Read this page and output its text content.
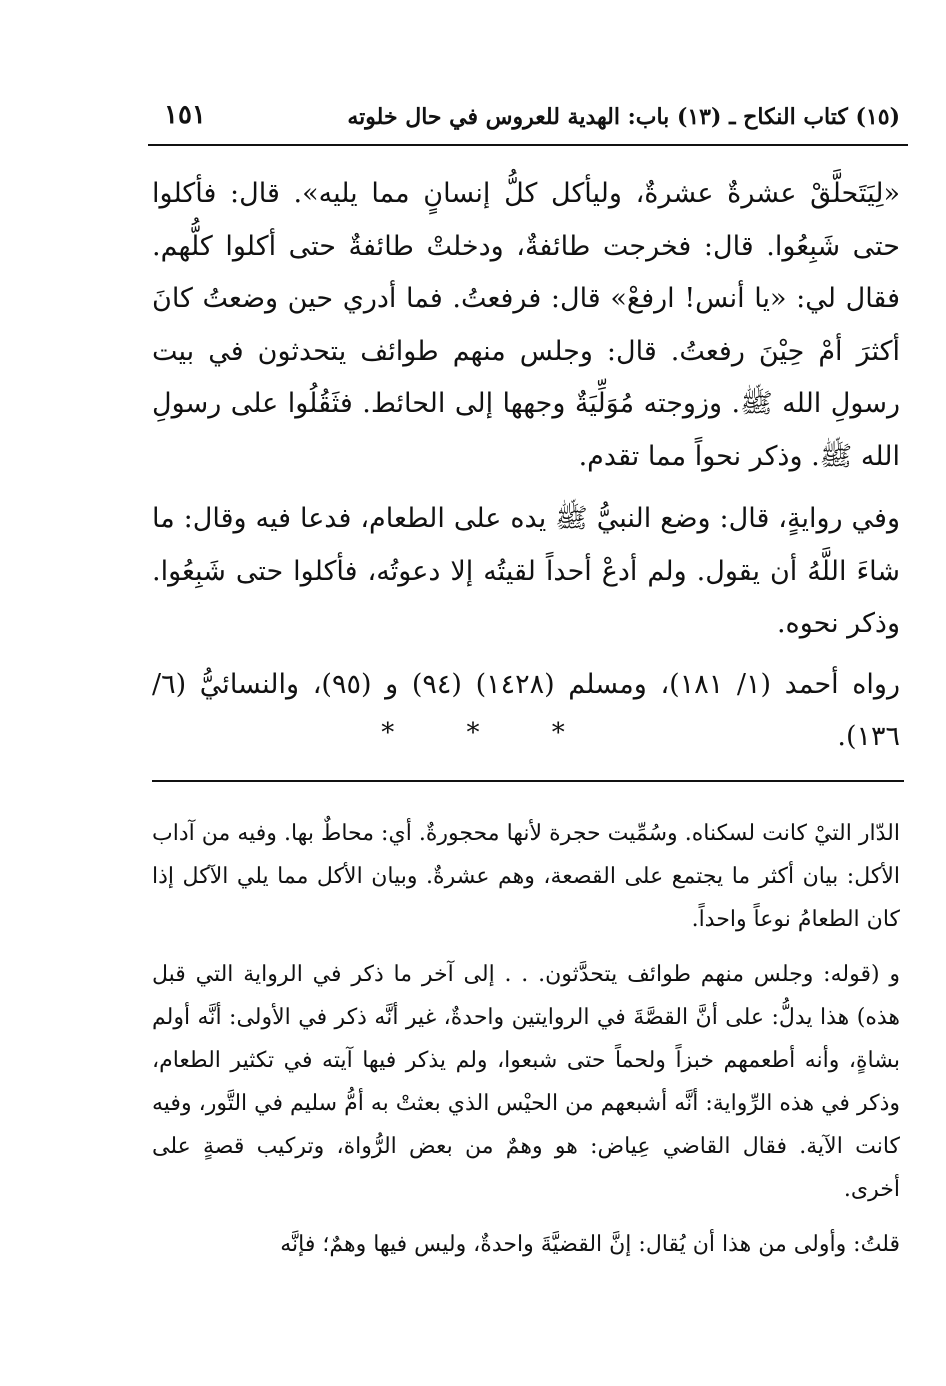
(١٥) كتاب النكاح ـ (١٣) باب: الهدية للعروس في حال خلوته
١٥١

«لِيَتَحلَّقْ عشرةٌ عشرةٌ، وليأكل كلُّ إنسانٍ مما يليه». قال: فأكلوا حتى شَبِعُوا. قال: فخرجت طائفةٌ، ودخلتْ طائفةٌ حتى أكلوا كلُّهم. فقال لي: «يا أنس! ارفعْ» قال: فرفعتُ. فما أدري حين وضعتُ كانَ أكثرَ أمْ حِيْنَ رفعتُ. قال: وجلس منهم طوائف يتحدثون في بيت رسولِ الله ﷺ. وزوجته مُوَلِّيَةٌ وجهها إلى الحائط. فثَقُلُوا على رسولِ الله ﷺ. وذكر نحواً مما تقدم.

وفي روايةٍ، قال: وضع النبيُّ ﷺ يده على الطعام، فدعا فيه وقال: ما شاءَ اللَّهُ أن يقول. ولم أدعْ أحداً لقيتُه إلا دعوتُه، فأكلوا حتى شَبِعُوا. وذكر نحوه.

رواه أحمد (١/ ١٨١)، ومسلم (١٤٢٨) (٩٤) و (٩٥)، والنسائيُّ (٦/ ١٣٦).

*	*	*

الدّار التيْ كانت لسكناه. وسُمِّيت حجرة لأنها محجورةٌ. أي: محاطٌ بها. وفيه من آداب الأكل: بيان أكثر ما يجتمع على القصعة، وهم عشرةٌ. وبيان الأكل مما يلي الآكل إذا كان الطعامُ نوعاً واحداً.

و (قوله: وجلس منهم طوائف يتحدَّثون. . . إلى آخر ما ذكر في الرواية التي قبل هذه) هذا يدلُّ: على أنَّ القصَّةَ في الروايتين واحدةٌ، غير أنَّه ذكر في الأولى: أنَّه أولم بشاةٍ، وأنه أطعمهم خبزاً ولحماً حتى شبعوا، ولم يذكر فيها آيته في تكثير الطعام، وذكر في هذه الرِّواية: أنَّه أشبعهم من الحيْس الذي بعثتْ به أمُّ سليم في التَّور، وفيه كانت الآية. فقال القاضي عِياض: هو وهمٌ من بعض الرُّواة، وتركيب قصةٍ على أخرى.

قلتُ: وأولى من هذا أن يُقال: إنَّ القضيَّةَ واحدةٌ، وليس فيها وهمٌ؛ فإنَّه
